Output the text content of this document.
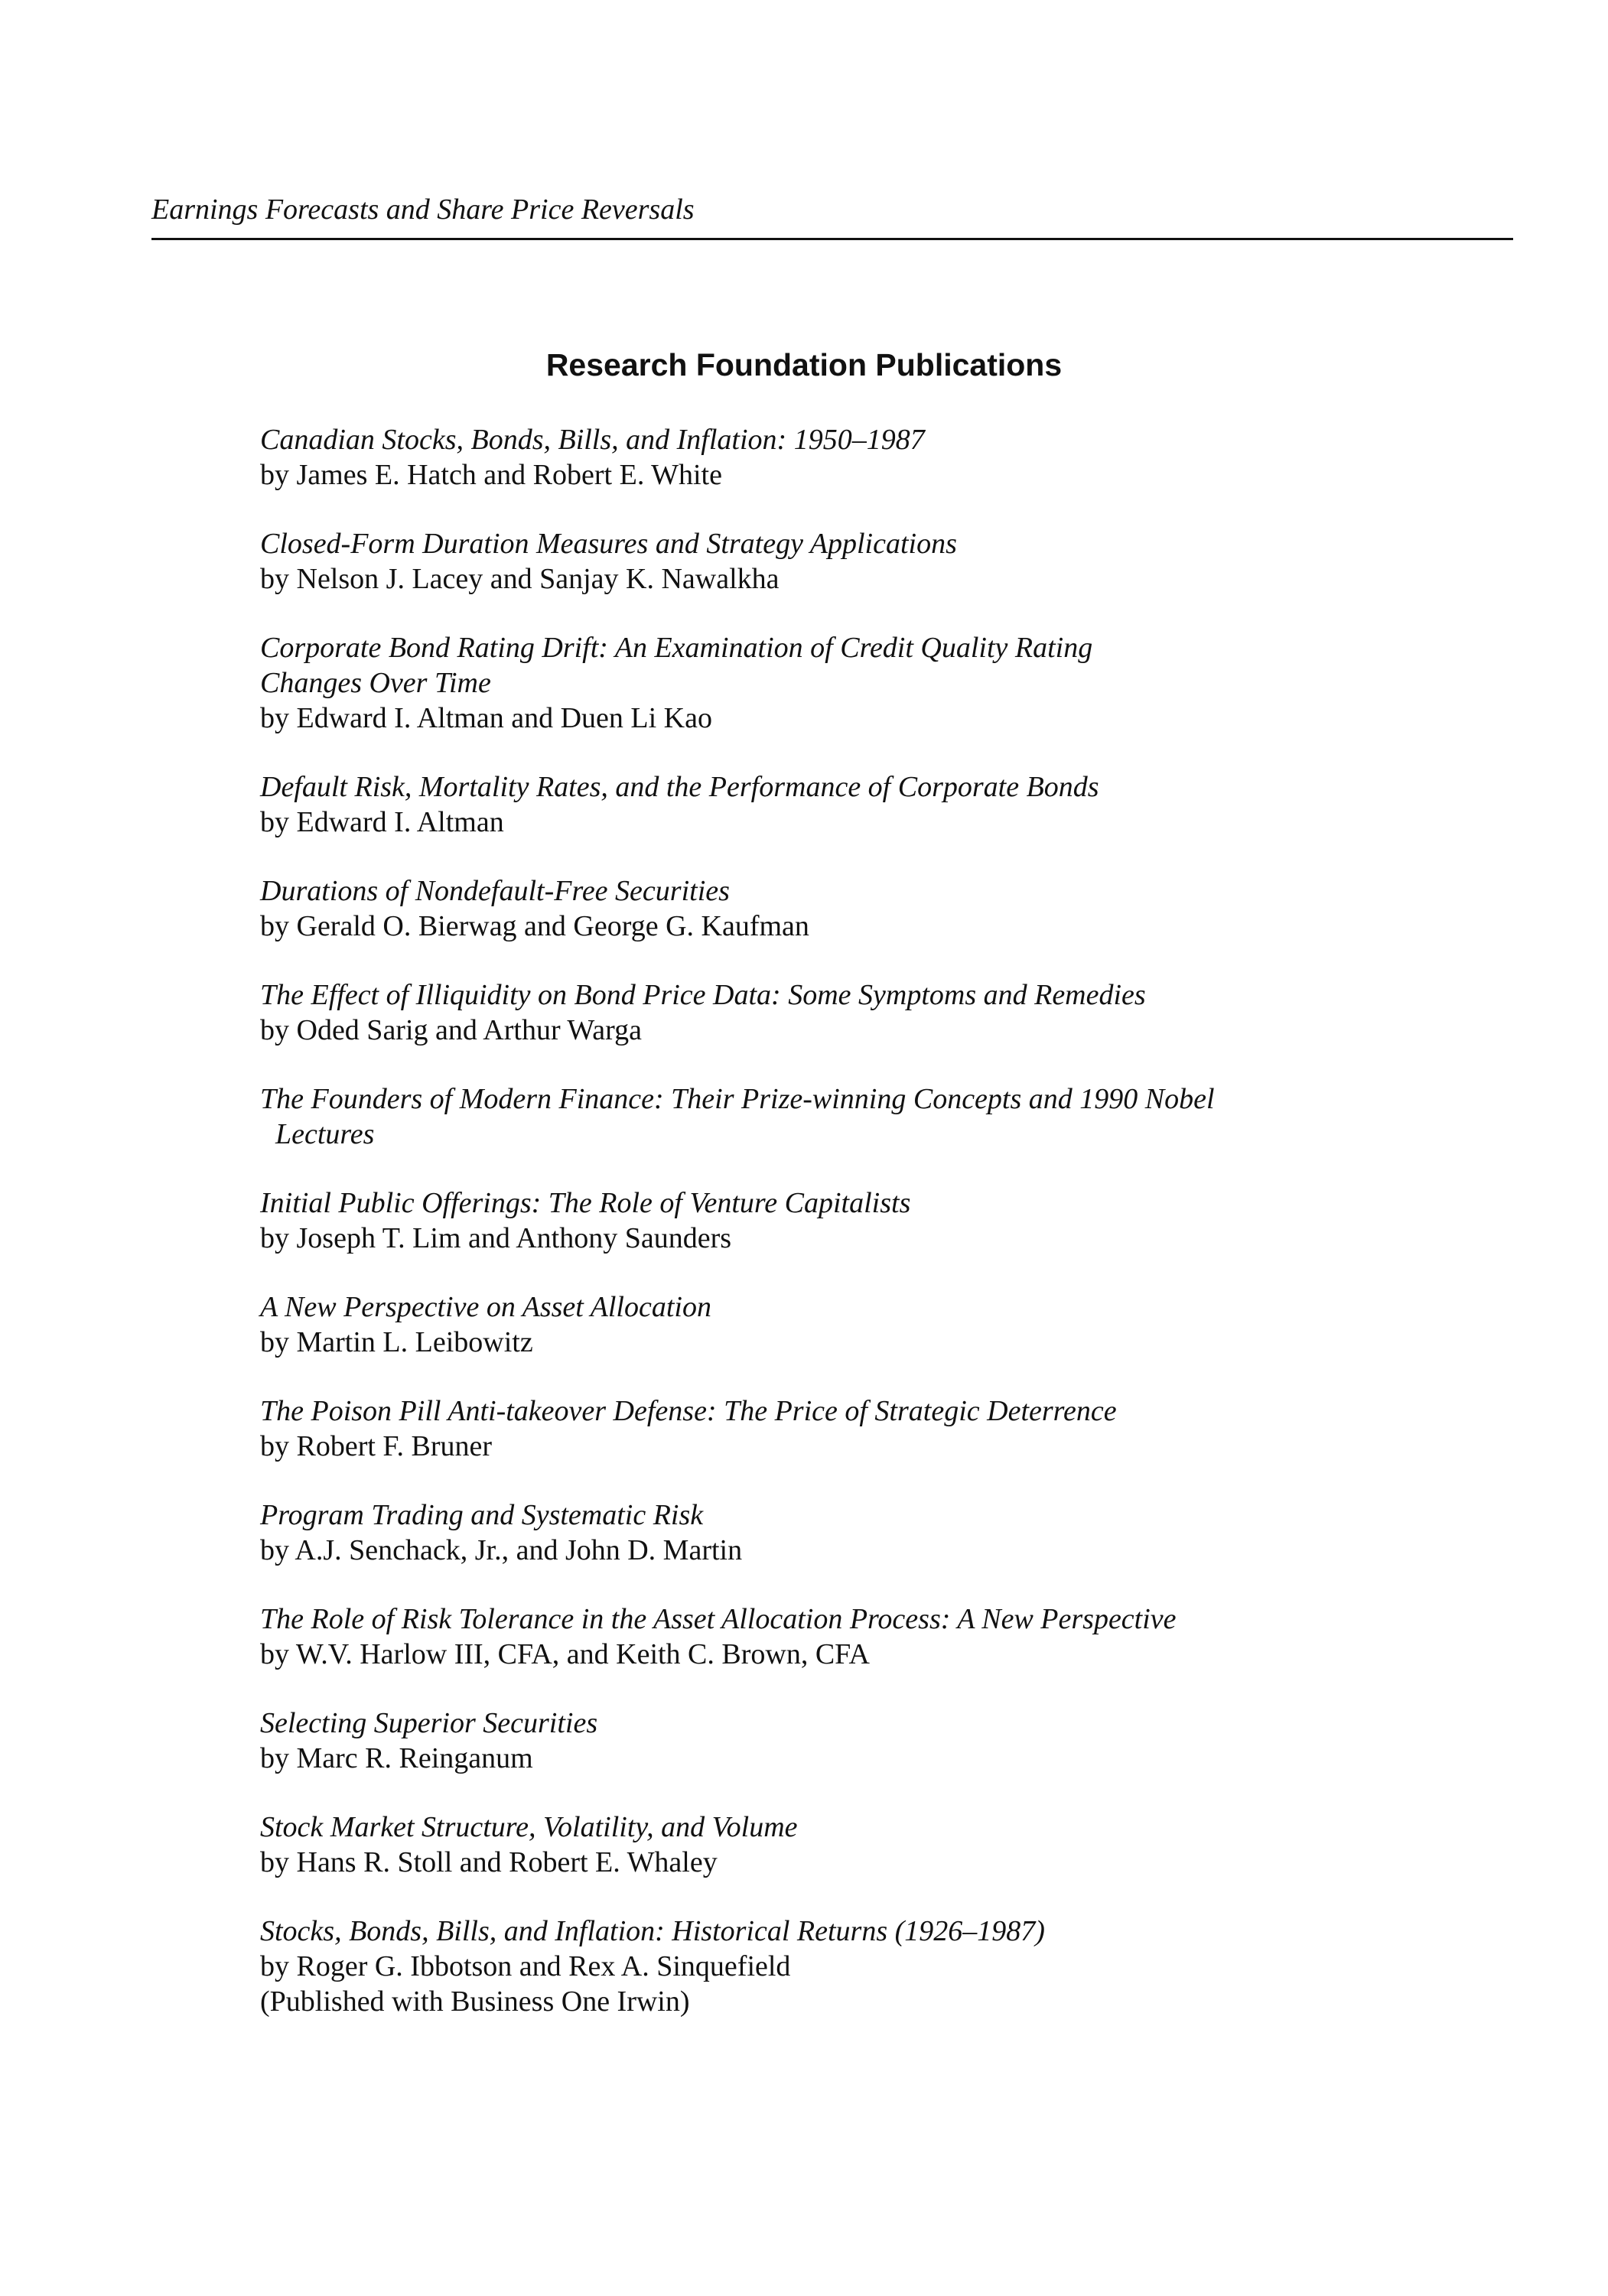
Earnings Forecasts and Share Price Reversals
Research Foundation Publications
Canadian Stocks, Bonds, Bills, and Inflation: 1950–1987
by James E. Hatch and Robert E. White
Closed-Form Duration Measures and Strategy Applications
by Nelson J. Lacey and Sanjay K. Nawalkha
Corporate Bond Rating Drift: An Examination of Credit Quality Rating
Changes Over Time
by Edward I. Altman and Duen Li Kao
Default Risk, Mortality Rates, and the Performance of Corporate Bonds
by Edward I. Altman
Durations of Nondefault-Free Securities
by Gerald O. Bierwag and George G. Kaufman
The Effect of Illiquidity on Bond Price Data: Some Symptoms and Remedies
by Oded Sarig and Arthur Warga
The Founders of Modern Finance: Their Prize-winning Concepts and 1990 Nobel
Lectures
Initial Public Offerings: The Role of Venture Capitalists
by Joseph T. Lim and Anthony Saunders
A New Perspective on Asset Allocation
by Martin L. Leibowitz
The Poison Pill Anti-takeover Defense: The Price of Strategic Deterrence
by Robert F. Bruner
Program Trading and Systematic Risk
by A.J. Senchack, Jr., and John D. Martin
The Role of Risk Tolerance in the Asset Allocation Process: A New Perspective
by W.V. Harlow III, CFA, and Keith C. Brown, CFA
Selecting Superior Securities
by Marc R. Reinganum
Stock Market Structure, Volatility, and Volume
by Hans R. Stoll and Robert E. Whaley
Stocks, Bonds, Bills, and Inflation: Historical Returns (1926–1987)
by Roger G. Ibbotson and Rex A. Sinquefield
(Published with Business One Irwin)
